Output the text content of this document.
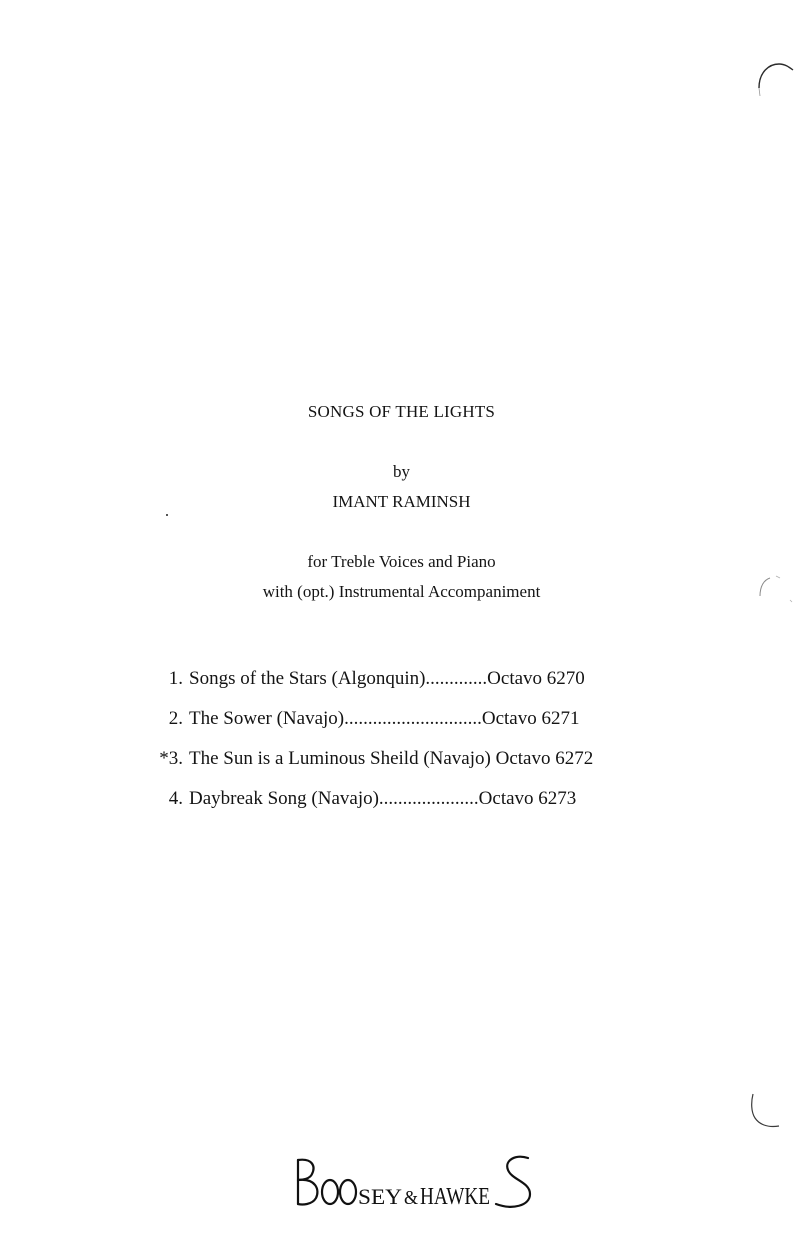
SONGS OF THE LIGHTS
by
IMANT RAMINSH
for Treble Voices and Piano
with (opt.) Instrumental Accompaniment
1. Songs of the Stars (Algonquin).............Octavo 6270
2. The Sower (Navajo).............................Octavo 6271
*3. The Sun is a Luminous Sheild (Navajo) Octavo 6272
4. Daybreak Song (Navajo).....................Octavo 6273
SEY & HAWKE
